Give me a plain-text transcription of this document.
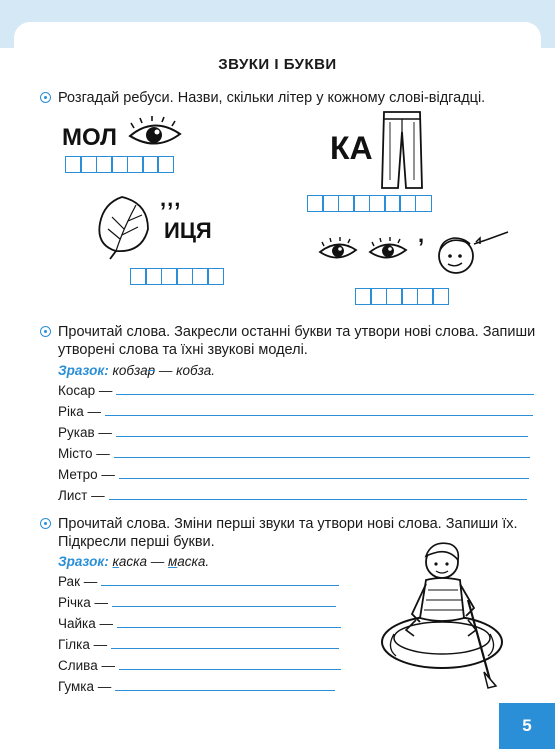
ЗВУКИ І БУКВИ
Розгадай ребуси. Назви, скільки літер у кожному слові-відгадці.
МОЛ	КА
,,,
ИЦЯ	,
Прочитай слова. Закресли останні букви та утвори нові слова. Запиши
утворені слова та їхні звукові моделі.
Зразок: кобзар — кобза.
Косар —
Ріка —
Рукав —
Місто —
Метро —
Лист —
Прочитай слова. Зміни перші звуки та утвори нові слова. Запиши їх.
Підкресли перші букви.
Зразок: каска — маска.
Рак —
Річка —
Чайка —
Гілка —
Слива —
Гумка —
5
